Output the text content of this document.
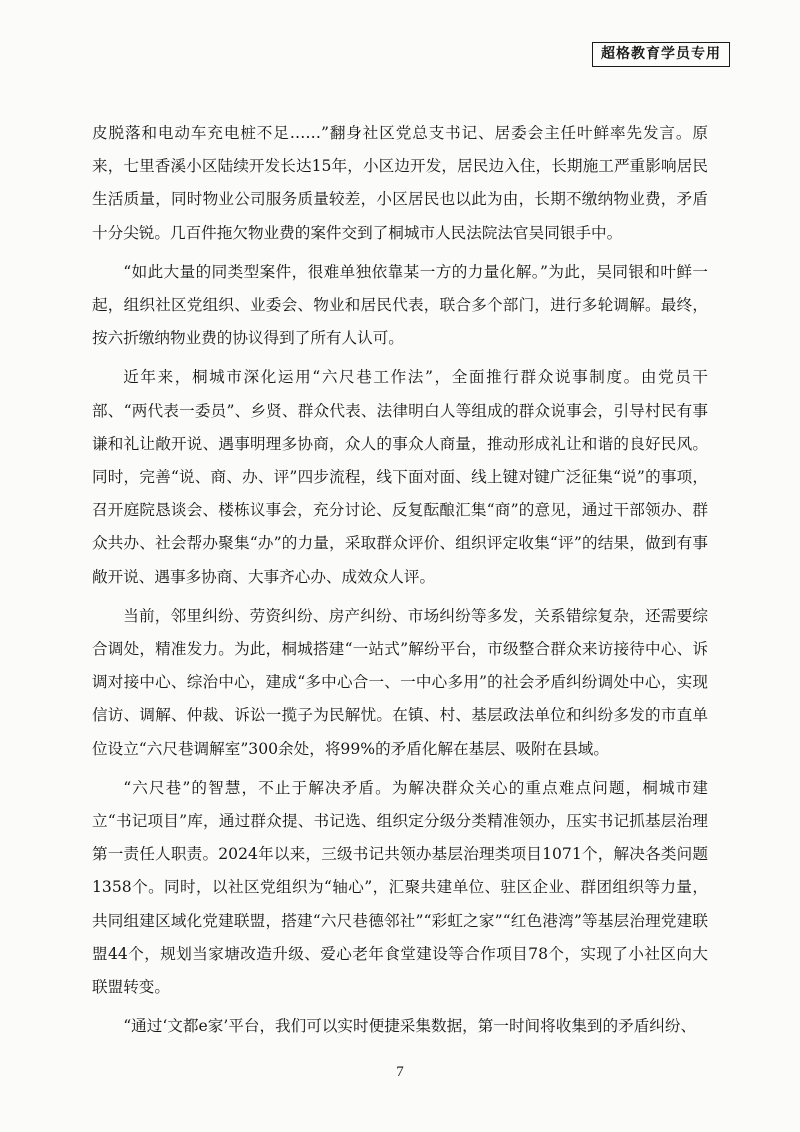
超格教育学员专用

皮脱落和电动车充电桩不足……”翻身社区党总支书记、居委会主任叶鲜率先发言。原来，七里香溪小区陆续开发长达15年，小区边开发，居民边入住，长期施工严重影响居民生活质量，同时物业公司服务质量较差，小区居民也以此为由，长期不缴纳物业费，矛盾十分尖锐。几百件拖欠物业费的案件交到了桐城市人民法院法官吴同银手中。

“如此大量的同类型案件，很难单独依靠某一方的力量化解。”为此，吴同银和叶鲜一起，组织社区党组织、业委会、物业和居民代表，联合多个部门，进行多轮调解。最终，按六折缴纳物业费的协议得到了所有人认可。

近年来，桐城市深化运用“六尺巷工作法”，全面推行群众说事制度。由党员干部、“两代表一委员”、乡贤、群众代表、法律明白人等组成的群众说事会，引导村民有事谦和礼让敞开说、遇事明理多协商，众人的事众人商量，推动形成礼让和谐的良好民风。同时，完善“说、商、办、评”四步流程，线下面对面、线上键对键广泛征集“说”的事项，召开庭院恳谈会、楼栋议事会，充分讨论、反复酝酿汇集“商”的意见，通过干部领办、群众共办、社会帮办聚集“办”的力量，采取群众评价、组织评定收集“评”的结果，做到有事敞开说、遇事多协商、大事齐心办、成效众人评。

当前，邻里纠纷、劳资纠纷、房产纠纷、市场纠纷等多发，关系错综复杂，还需要综合调处，精准发力。为此，桐城搭建“一站式”解纷平台，市级整合群众来访接待中心、诉调对接中心、综治中心，建成“多中心合一、一中心多用”的社会矛盾纠纷调处中心，实现信访、调解、仲裁、诉讼一揽子为民解忧。在镇、村、基层政法单位和纠纷多发的市直单位设立“六尺巷调解室”300余处，将99%的矛盾化解在基层、吸附在县域。

“六尺巷”的智慧，不止于解决矛盾。为解决群众关心的重点难点问题，桐城市建立“书记项目”库，通过群众提、书记选、组织定分级分类精准领办，压实书记抓基层治理第一责任人职责。2024年以来，三级书记共领办基层治理类项目1071个，解决各类问题1358个。同时，以社区党组织为“轴心”，汇聚共建单位、驻区企业、群团组织等力量，共同组建区域化党建联盟，搭建“六尺巷德邻社”“彩虹之家”“红色港湾”等基层治理党建联盟44个，规划当家塘改造升级、爱心老年食堂建设等合作项目78个，实现了小社区向大联盟转变。

“通过‘文都e家’平台，我们可以实时便捷采集数据，第一时间将收集到的矛盾纠纷、

7
